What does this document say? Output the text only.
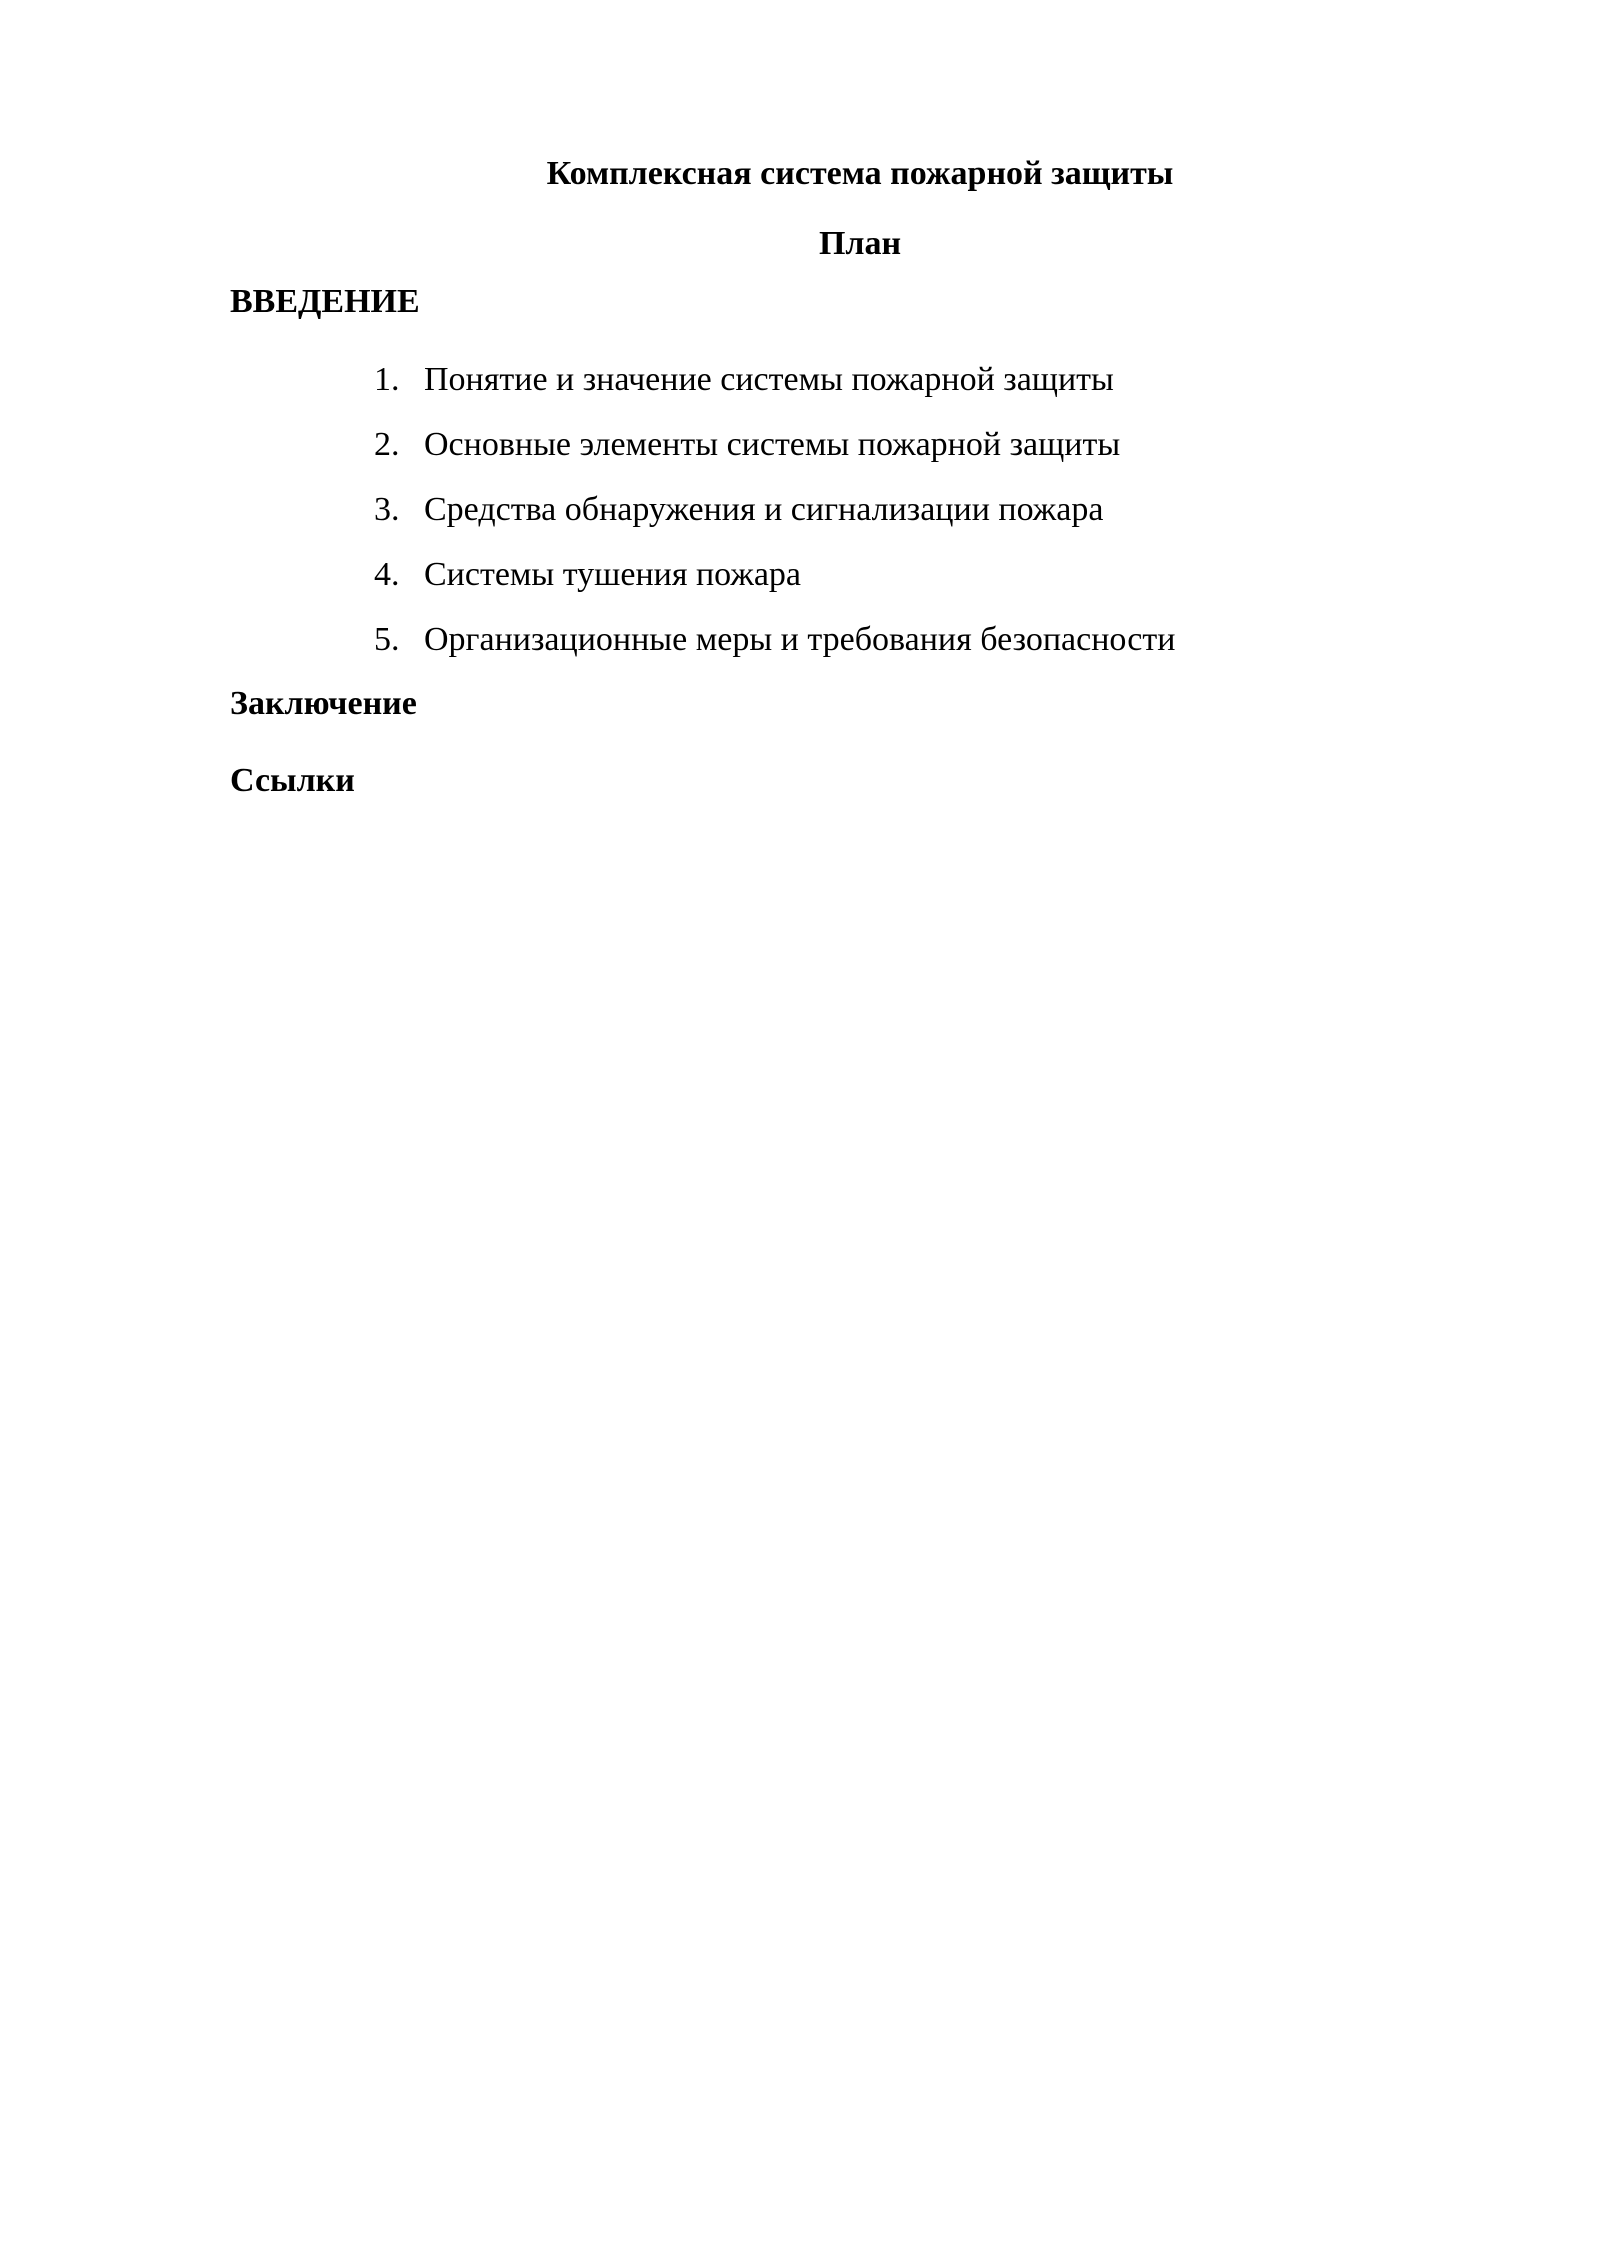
Комплексная система пожарной защиты
План
ВВЕДЕНИЕ
1. Понятие и значение системы пожарной защиты
2. Основные элементы системы пожарной защиты
3. Средства обнаружения и сигнализации пожара
4. Системы тушения пожара
5. Организационные меры и требования безопасности
Заключение
Ссылки
